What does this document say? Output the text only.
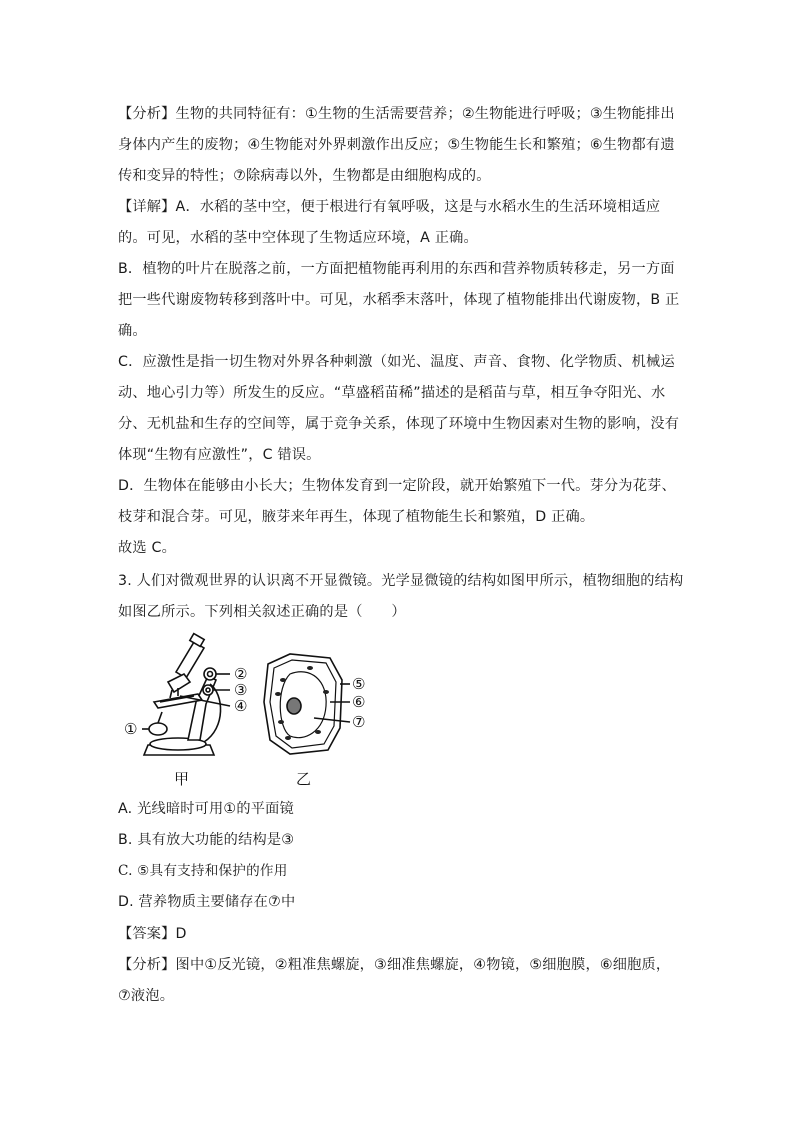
【分析】生物的共同特征有：①生物的生活需要营养；②生物能进行呼吸；③生物能排出
身体内产生的废物；④生物能对外界刺激作出反应；⑤生物能生长和繁殖；⑥生物都有遗
传和变异的特性；⑦除病毒以外，生物都是由细胞构成的。
【详解】A．水稻的茎中空，便于根进行有氧呼吸，这是与水稻水生的生活环境相适应
的。可见，水稻的茎中空体现了生物适应环境，A 正确。
B．植物的叶片在脱落之前，一方面把植物能再利用的东西和营养物质转移走，另一方面
把一些代谢废物转移到落叶中。可见，水稻季末落叶，体现了植物能排出代谢废物，B 正
确。
C．应激性是指一切生物对外界各种刺激（如光、温度、声音、食物、化学物质、机械运
动、地心引力等）所发生的反应。“草盛稻苗稀”描述的是稻苗与草，相互争夺阳光、水
分、无机盐和生存的空间等，属于竞争关系，体现了环境中生物因素对生物的影响，没有
体现“生物有应激性”，C 错误。
D．生物体在能够由小长大；生物体发育到一定阶段，就开始繁殖下一代。芽分为花芽、
枝芽和混合芽。可见，腋芽来年再生，体现了植物能生长和繁殖，D 正确。
故选 C。
3. 人们对微观世界的认识离不开显微镜。光学显微镜的结构如图甲所示，植物细胞的结构
如图乙所示。下列相关叙述正确的是（　　）
②
③
④
①
甲
⑤
⑥
⑦
乙
A. 光线暗时可用①的平面镜
B. 具有放大功能的结构是③
C. ⑤具有支持和保护的作用
D. 营养物质主要储存在⑦中
【答案】D
【分析】图中①反光镜，②粗准焦螺旋，③细准焦螺旋，④物镜，⑤细胞膜，⑥细胞质，
⑦液泡。
